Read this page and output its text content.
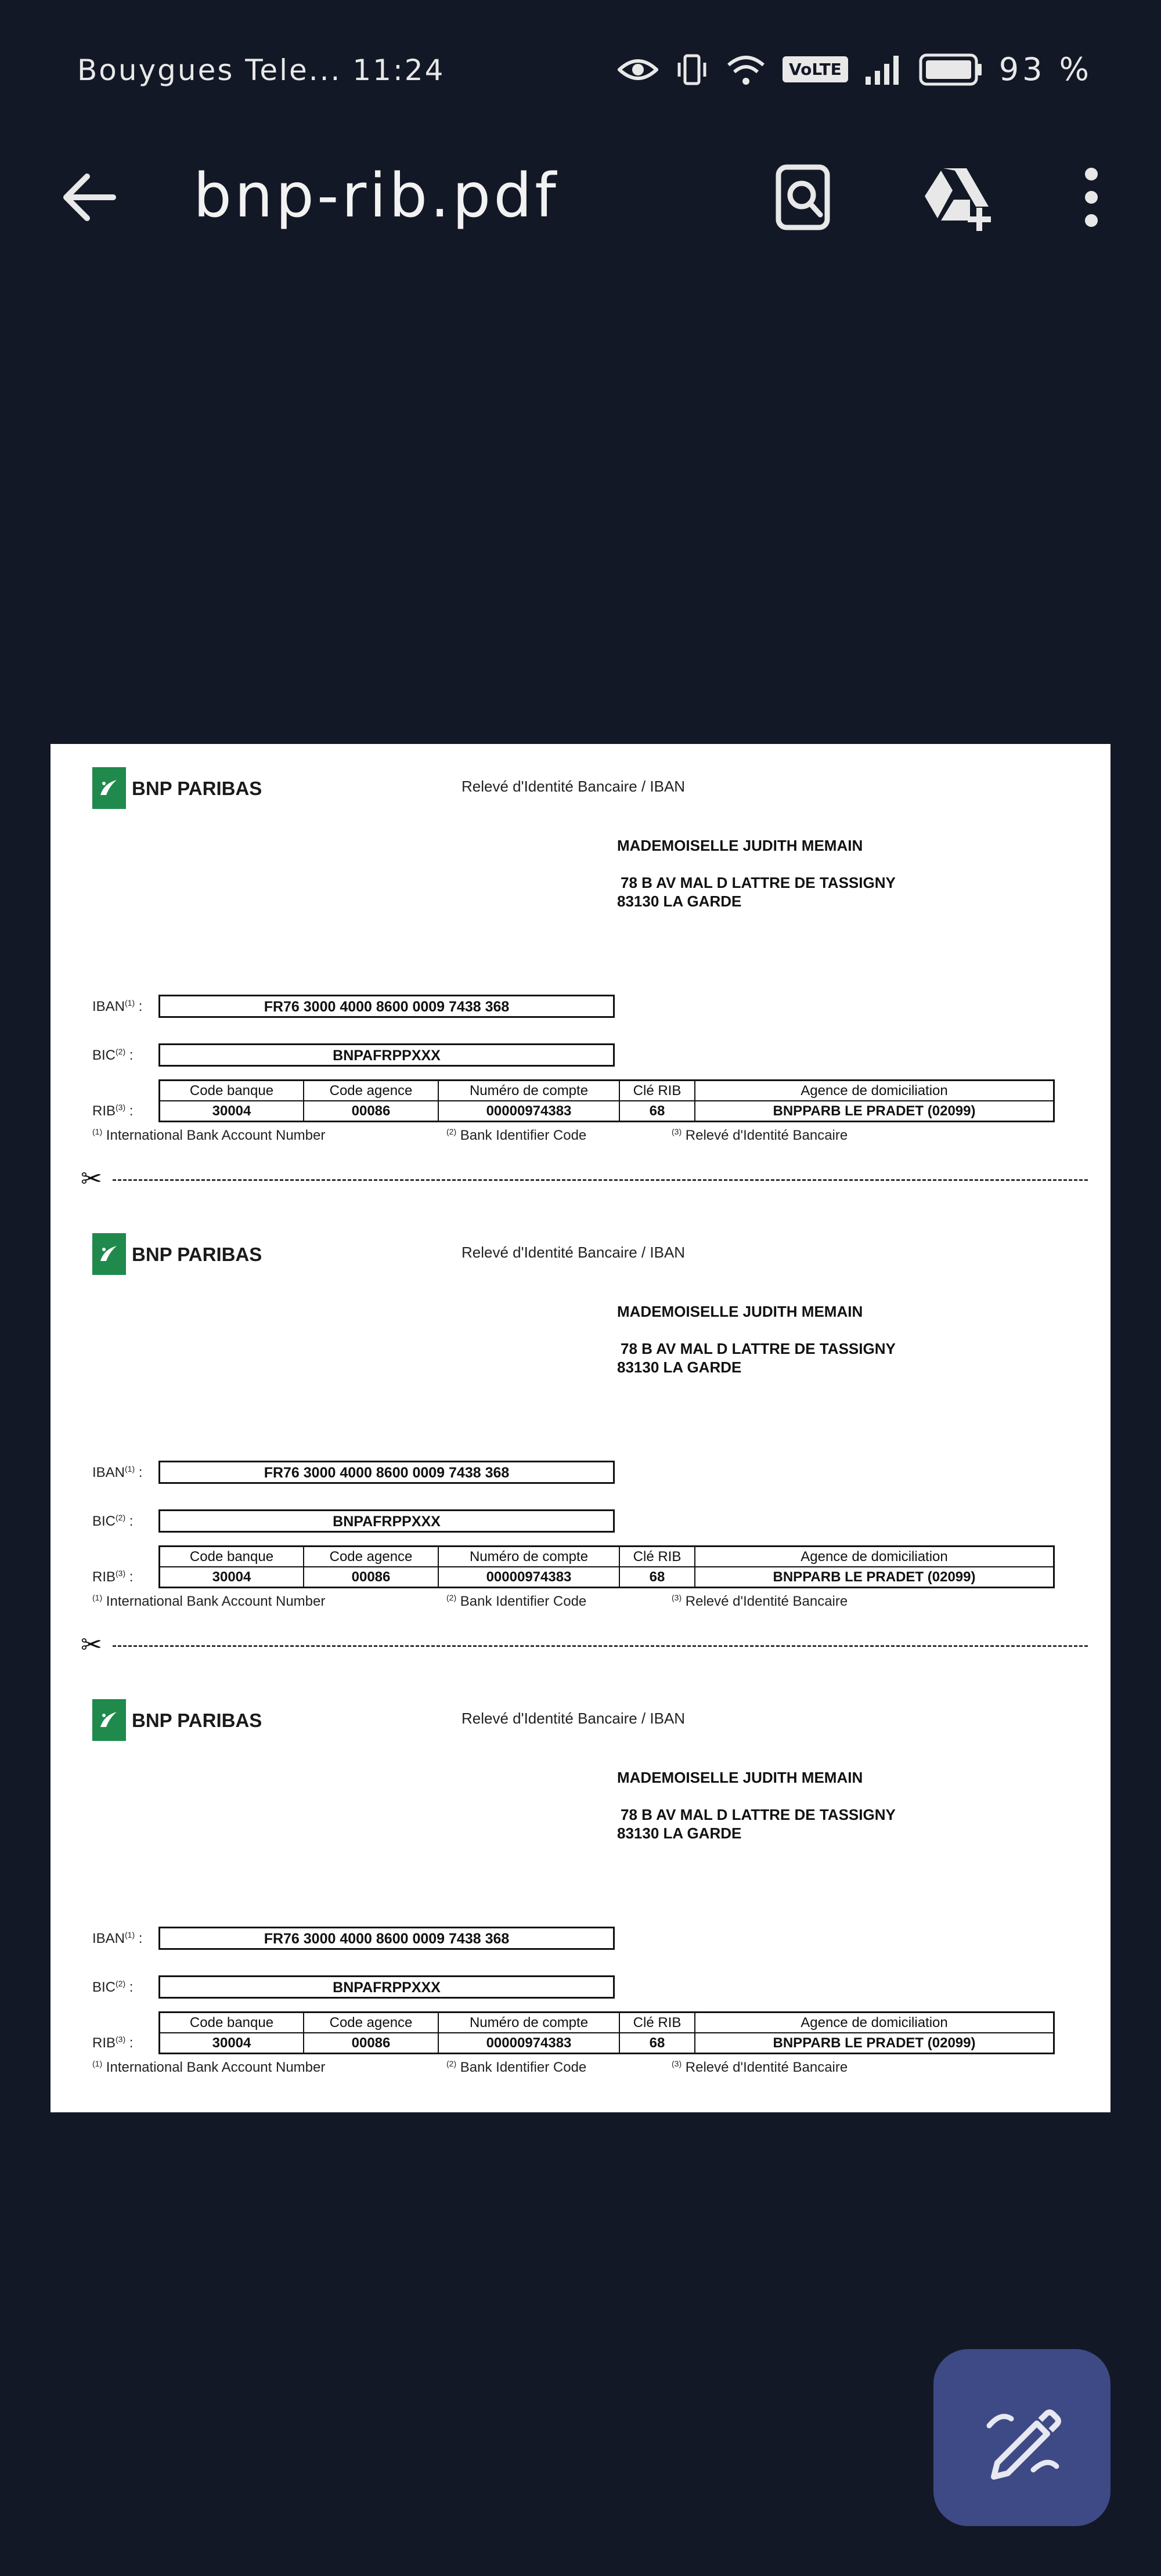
Bouygues Tele... 11:24	VoLTE	93 %
bnp-rib.pdf
BNP PARIBAS	Relevé d'Identité Bancaire / IBAN
MADEMOISELLE JUDITH MEMAIN
78 B AV MAL D LATTRE DE TASSIGNY
83130 LA GARDE
IBAN$^{(1)}$ :	FR76 3000 4000 8600 0009 7438 368
BIC$^{(2)}$ :	BNPAFRPPXXX
RIB$^{(3)}$ :
Code banque	Code agence	Numéro de compte	Clé RIB	Agence de domiciliation
30004	00086	00000974383	68	BNPPARB LE PRADET (02099)
$^{(1)}$ International Bank Account Number	$^{(2)}$ Bank Identifier Code	$^{(3)}$ Relevé d'Identité Bancaire
✂
BNP PARIBAS	Relevé d'Identité Bancaire / IBAN
MADEMOISELLE JUDITH MEMAIN
78 B AV MAL D LATTRE DE TASSIGNY
83130 LA GARDE
IBAN$^{(1)}$ :	FR76 3000 4000 8600 0009 7438 368
BIC$^{(2)}$ :	BNPAFRPPXXX
RIB$^{(3)}$ :
Code banque	Code agence	Numéro de compte	Clé RIB	Agence de domiciliation
30004	00086	00000974383	68	BNPPARB LE PRADET (02099)
$^{(1)}$ International Bank Account Number	$^{(2)}$ Bank Identifier Code	$^{(3)}$ Relevé d'Identité Bancaire
✂
BNP PARIBAS	Relevé d'Identité Bancaire / IBAN
MADEMOISELLE JUDITH MEMAIN
78 B AV MAL D LATTRE DE TASSIGNY
83130 LA GARDE
IBAN$^{(1)}$ :	FR76 3000 4000 8600 0009 7438 368
BIC$^{(2)}$ :	BNPAFRPPXXX
RIB$^{(3)}$ :
Code banque	Code agence	Numéro de compte	Clé RIB	Agence de domiciliation
30004	00086	00000974383	68	BNPPARB LE PRADET (02099)
$^{(1)}$ International Bank Account Number	$^{(2)}$ Bank Identifier Code	$^{(3)}$ Relevé d'Identité Bancaire
